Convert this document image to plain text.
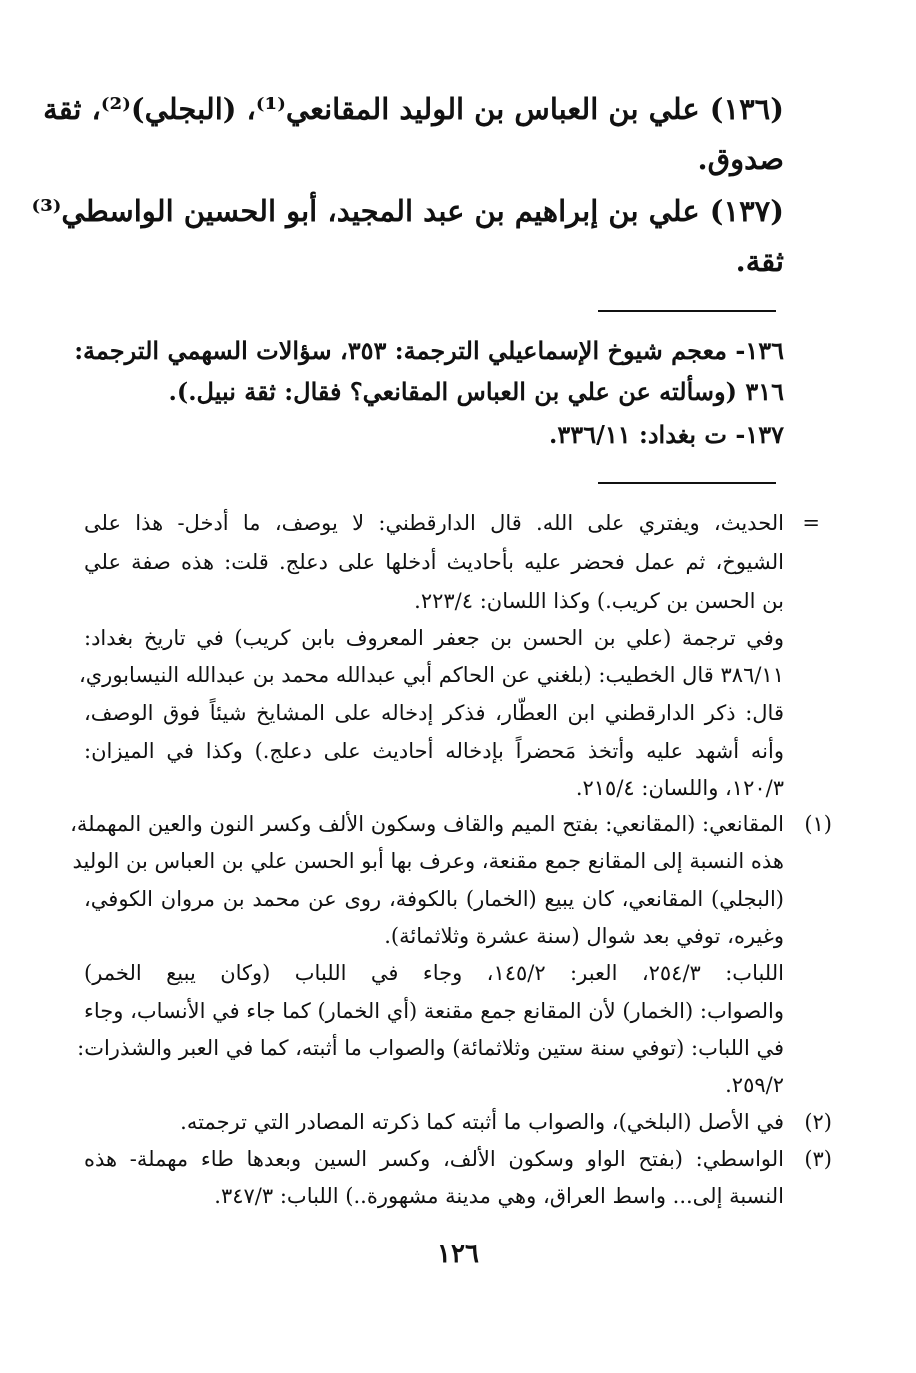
(١٣٦) علي بن العباس بن الوليد المقانعي⁽¹⁾، (البجلي)⁽²⁾، ثقة
صدوق.
(١٣٧) علي بن إبراهيم بن عبد المجيد، أبو الحسين الواسطي⁽³⁾
ثقة.
١٣٦- معجم شيوخ الإسماعيلي الترجمة: ٣٥٣، سؤالات السهمي الترجمة:
٣١٦ (وسألته عن علي بن العباس المقانعي؟ فقال: ثقة نبيل.).
١٣٧- ت بغداد: ٣٣٦/١١.
=
الحديث، ويفتري على الله. قال الدارقطني: لا يوصف، ما أدخل- هذا على
الشيوخ، ثم عمل فحضر عليه بأحاديث أدخلها على دعلج. قلت: هذه صفة علي
بن الحسن بن كريب.) وكذا اللسان: ٢٢٣/٤.
وفي ترجمة (علي بن الحسن بن جعفر المعروف بابن كريب) في تاريخ بغداد:
٣٨٦/١١ قال الخطيب: (بلغني عن الحاكم أبي عبدالله محمد بن عبدالله النيسابوري،
قال: ذكر الدارقطني ابن العطّار، فذكر إدخاله على المشايخ شيئاً فوق الوصف،
وأنه أشهد عليه وأتخذ مَحضراً بإدخاله أحاديث على دعلج.) وكذا في الميزان:
١٢٠/٣، واللسان: ٢١٥/٤.
(١)
المقانعي: (المقانعي: بفتح الميم والقاف وسكون الألف وكسر النون والعين المهملة،
هذه النسبة إلى المقانع جمع مقنعة، وعرف بها أبو الحسن علي بن العباس بن الوليد
(البجلي) المقانعي، كان يبيع (الخمار) بالكوفة، روى عن محمد بن مروان الكوفي،
وغيره، توفي بعد شوال (سنة عشرة وثلاثمائة).
اللباب: ٢٥٤/٣، العبر: ١٤٥/٢، وجاء في اللباب (وكان يبيع الخمر)
والصواب: (الخمار) لأن المقانع جمع مقنعة (أي الخمار) كما جاء في الأنساب، وجاء
في اللباب: (توفي سنة ستين وثلاثمائة) والصواب ما أثبته، كما في العبر والشذرات:
٢٥٩/٢.
(٢)
في الأصل (البلخي)، والصواب ما أثبته كما ذكرته المصادر التي ترجمته.
(٣)
الواسطي: (بفتح الواو وسكون الألف، وكسر السين وبعدها طاء مهملة- هذه
النسبة إلى... واسط العراق، وهي مدينة مشهورة..) اللباب: ٣٤٧/٣.
١٢٦
